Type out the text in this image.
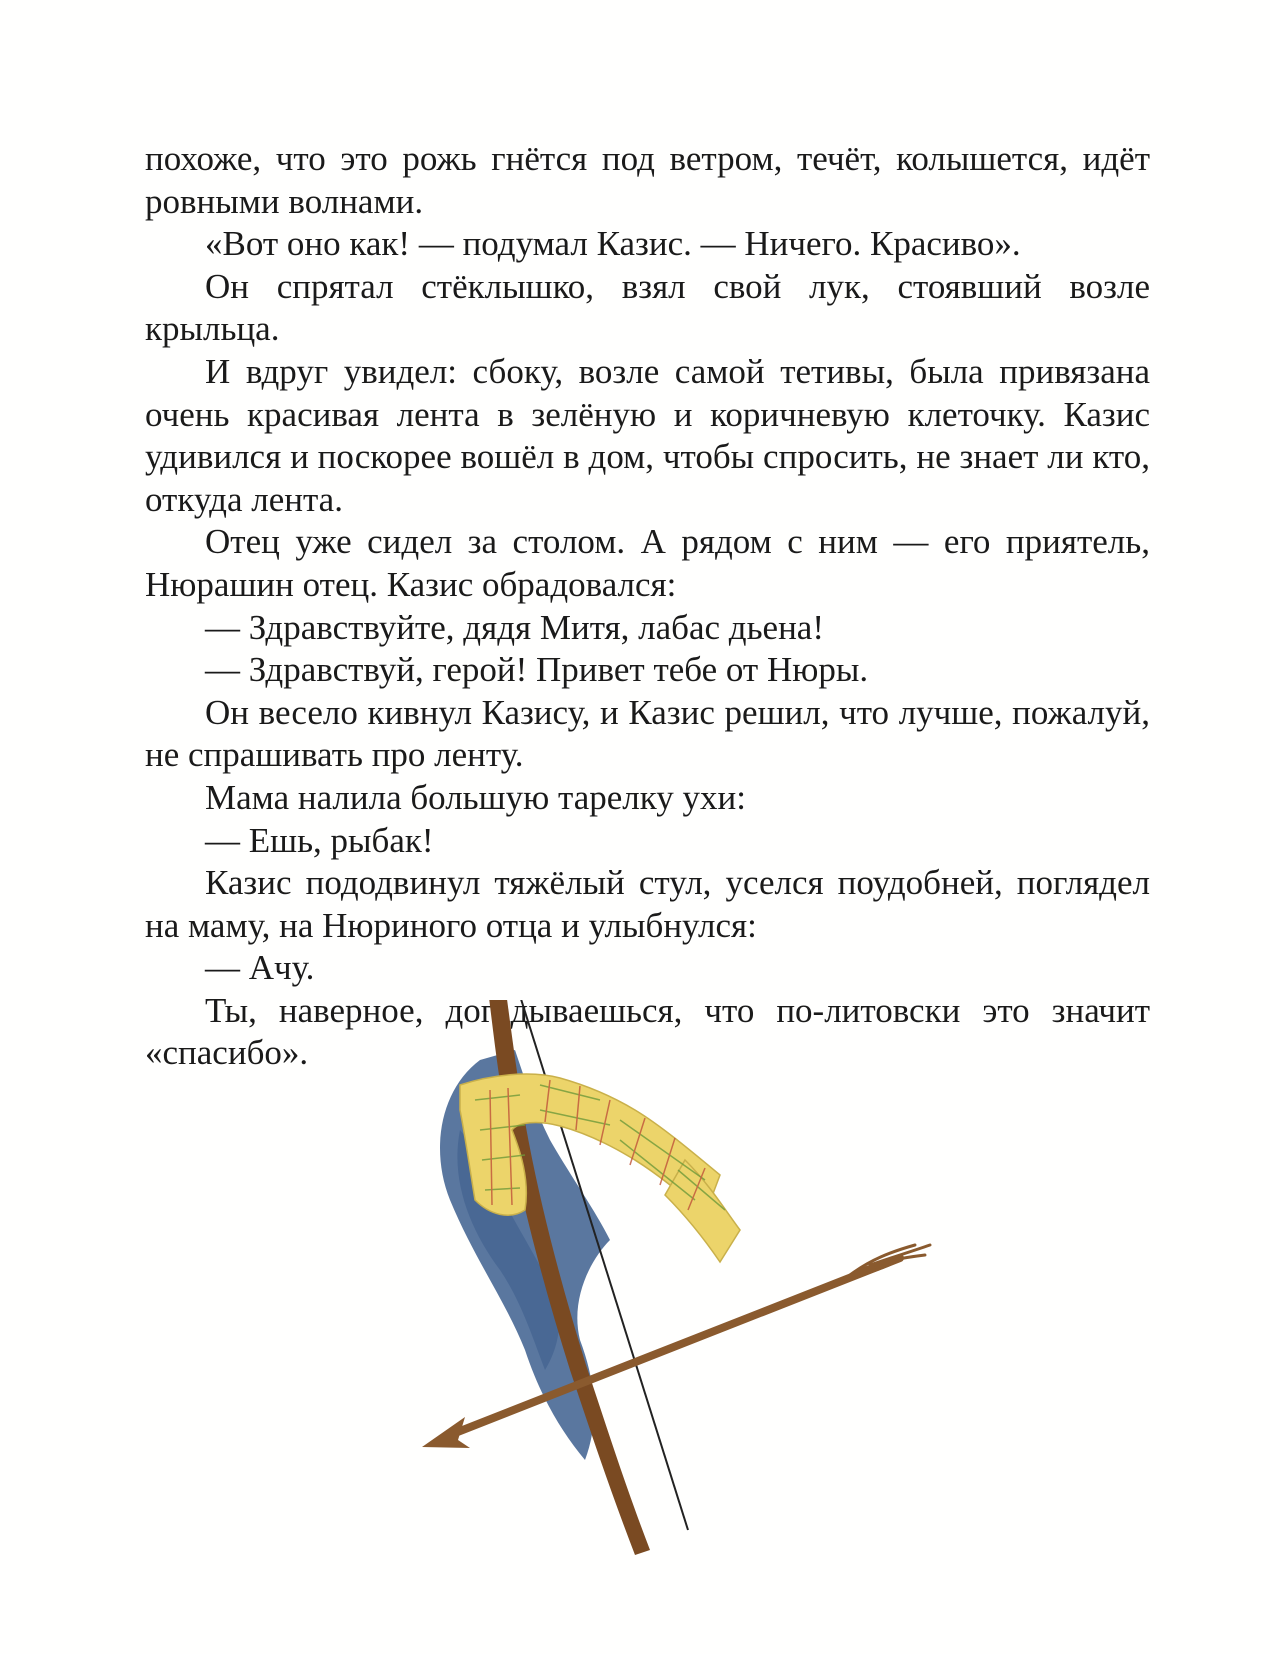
похоже, что это рожь гнётся под ветром, течёт, колышется, идёт ровными волнами.

«Вот оно как! — подумал Казис. — Ничего. Красиво».

Он спрятал стёклышко, взял свой лук, стоявший возле крыльца.

И вдруг увидел: сбоку, возле самой тетивы, была привязана очень красивая лента в зелёную и коричневую клеточку. Казис удивился и поскорее вошёл в дом, чтобы спросить, не знает ли кто, откуда лента.

Отец уже сидел за столом. А рядом с ним — его приятель, Нюрашин отец. Казис обрадовался:

— Здравствуйте, дядя Митя, лабас дьена!

— Здравствуй, герой! Привет тебе от Нюры.

Он весело кивнул Казису, и Казис решил, что лучше, пожалуй, не спрашивать про ленту.

Мама налила большую тарелку ухи:

— Ешь, рыбак!

Казис пододвинул тяжёлый стул, уселся поудобней, поглядел на маму, на Нюриного отца и улыбнулся:

— Ачу.

Ты, наверное, догадываешься, что по-литовски это значит «спасибо».
